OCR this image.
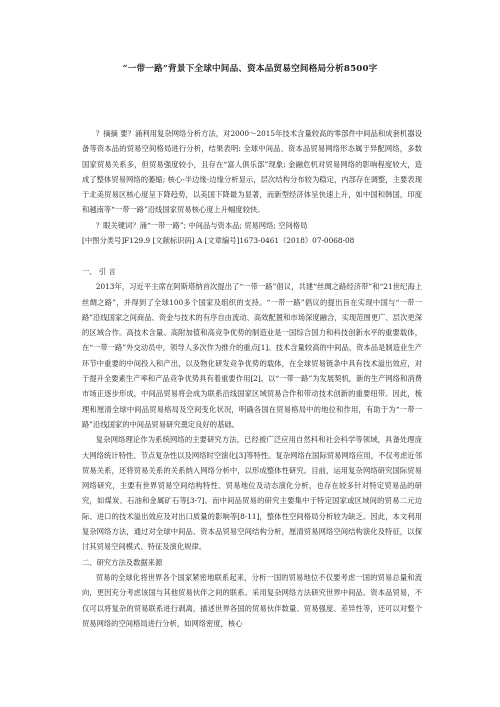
“一带一路”背景下全球中间品、资本品贸易空间格局分析8500字

？摘摘 要？涌利用复杂网络分析方法，对2000～2015年技术含量较高的零部件中间品和成套机器设备等资本品的贸易空间格局进行分析，结果表明: 全球中间品、资本品贸易网络形态属于异配网络，多数国家贸易关系多，但贸易强度较小，且存在“富人俱乐部”现象; 金融危机对贸易网络的影响程度较大，造成了整体贸易网络的萎缩; 核心-半边缘-边缘分析显示，层次结构分布较为稳定，内部存在调整，主要表现于北美贸易区核心度呈下降趋势，以美国下降最为显著，而新型经济体呈快速上升，如中国和韩国，印度和越南等“一带一路”沿线国家贸易核心度上升幅度较快。

？眼关键词？涌“一带一路”; 中间品与资本品; 贸易网络; 空间格局

[中图分类号]F129.9 [文献标识码] A [文章编号]1673-0461（2018）07-0068-08

一、 引 言

2013年，习近平主席在阿斯塔纳首次提出了“一带一路”倡议，共建“丝绸之路经济带”和“21世纪海上丝绸之路”，并得到了全球100多个国家及组织的支持。“一带一路”倡议的提出旨在实现中国与“一带一路”沿线国家之间商品、资金与技术的有序自由流动、高效配置和市场深度融合，实现范围更广、层次更深的区域合作。高技术含量、高附加值和高竞争优势的制造业是一国综合国力和科技创新水平的重要载体，在“一带一路”外交动员中，领导人多次作为推介的重点[1]。技术含量较高的中间品、资本品是制造业生产环节中重要的中间投入和产出，以及物化研发竞争优势的载体，在全球贸易链条中具有技术溢出效应，对于提升全要素生产率和产品竞争优势具有着重要作用[2]。以“一带一路”为发展契机，新的生产网络和消费市场正逐步形成，中间品贸易将会成为联系沿线国家区域贸易合作和带动技术创新的重要纽带。因此，梳理和厘清全球中间品贸易格局及空间变化状况，明确各国在贸易格局中的地位和作用，有助于为“一带一路”沿线国家的中间品贸易研究奠定良好的基础。

复杂网络理论作为系统网络的主要研究方法，已经被广泛应用自然科和社会科学等领域，具备处理庞大网络统计特性、节点复杂性以及网络时空演化[3]等特性。复杂网络在国际贸易网络应用，不仅考虑近邻贸易关系，还将贸易关系的关系纳入网络分析中，以形成整体性研究。目前，运用复杂网络研究国际贸易网络研究，主要有世界贸易空间结构特性、贸易地位及动态演化分析，也存在较多针对特定贸易品的研究，如煤炭、石油和金属矿石等[3-7]。而中间品贸易的研究主要集中于特定国家或区域间的贸易二元边际、进口的技术溢出效应及对出口质量的影响等[8-11]，整体性空间格局分析较为缺乏。因此，本文利用复杂网络方法，通过对全球中间品、资本品贸易空间结构分析，厘清贸易网络空间结构演化及特征，以探讨其贸易空间模式、特征及演化规律。

二、研究方法及数据来源

贸易的全球化将世界各个国家紧密地联系起来，分析一国的贸易地位不仅要考虑一国的贸易总量和流向，更因充分考虑该国与其他贸易伙伴之间的联系。采用复杂网络方法研究世界中间品、资本品贸易，不仅可以将复杂的贸易联系进行剥离，描述世界各国的贸易伙伴数量、贸易强度、差异性等，还可以对整个贸易网络的空间格局进行分析，如网络密度，核心
